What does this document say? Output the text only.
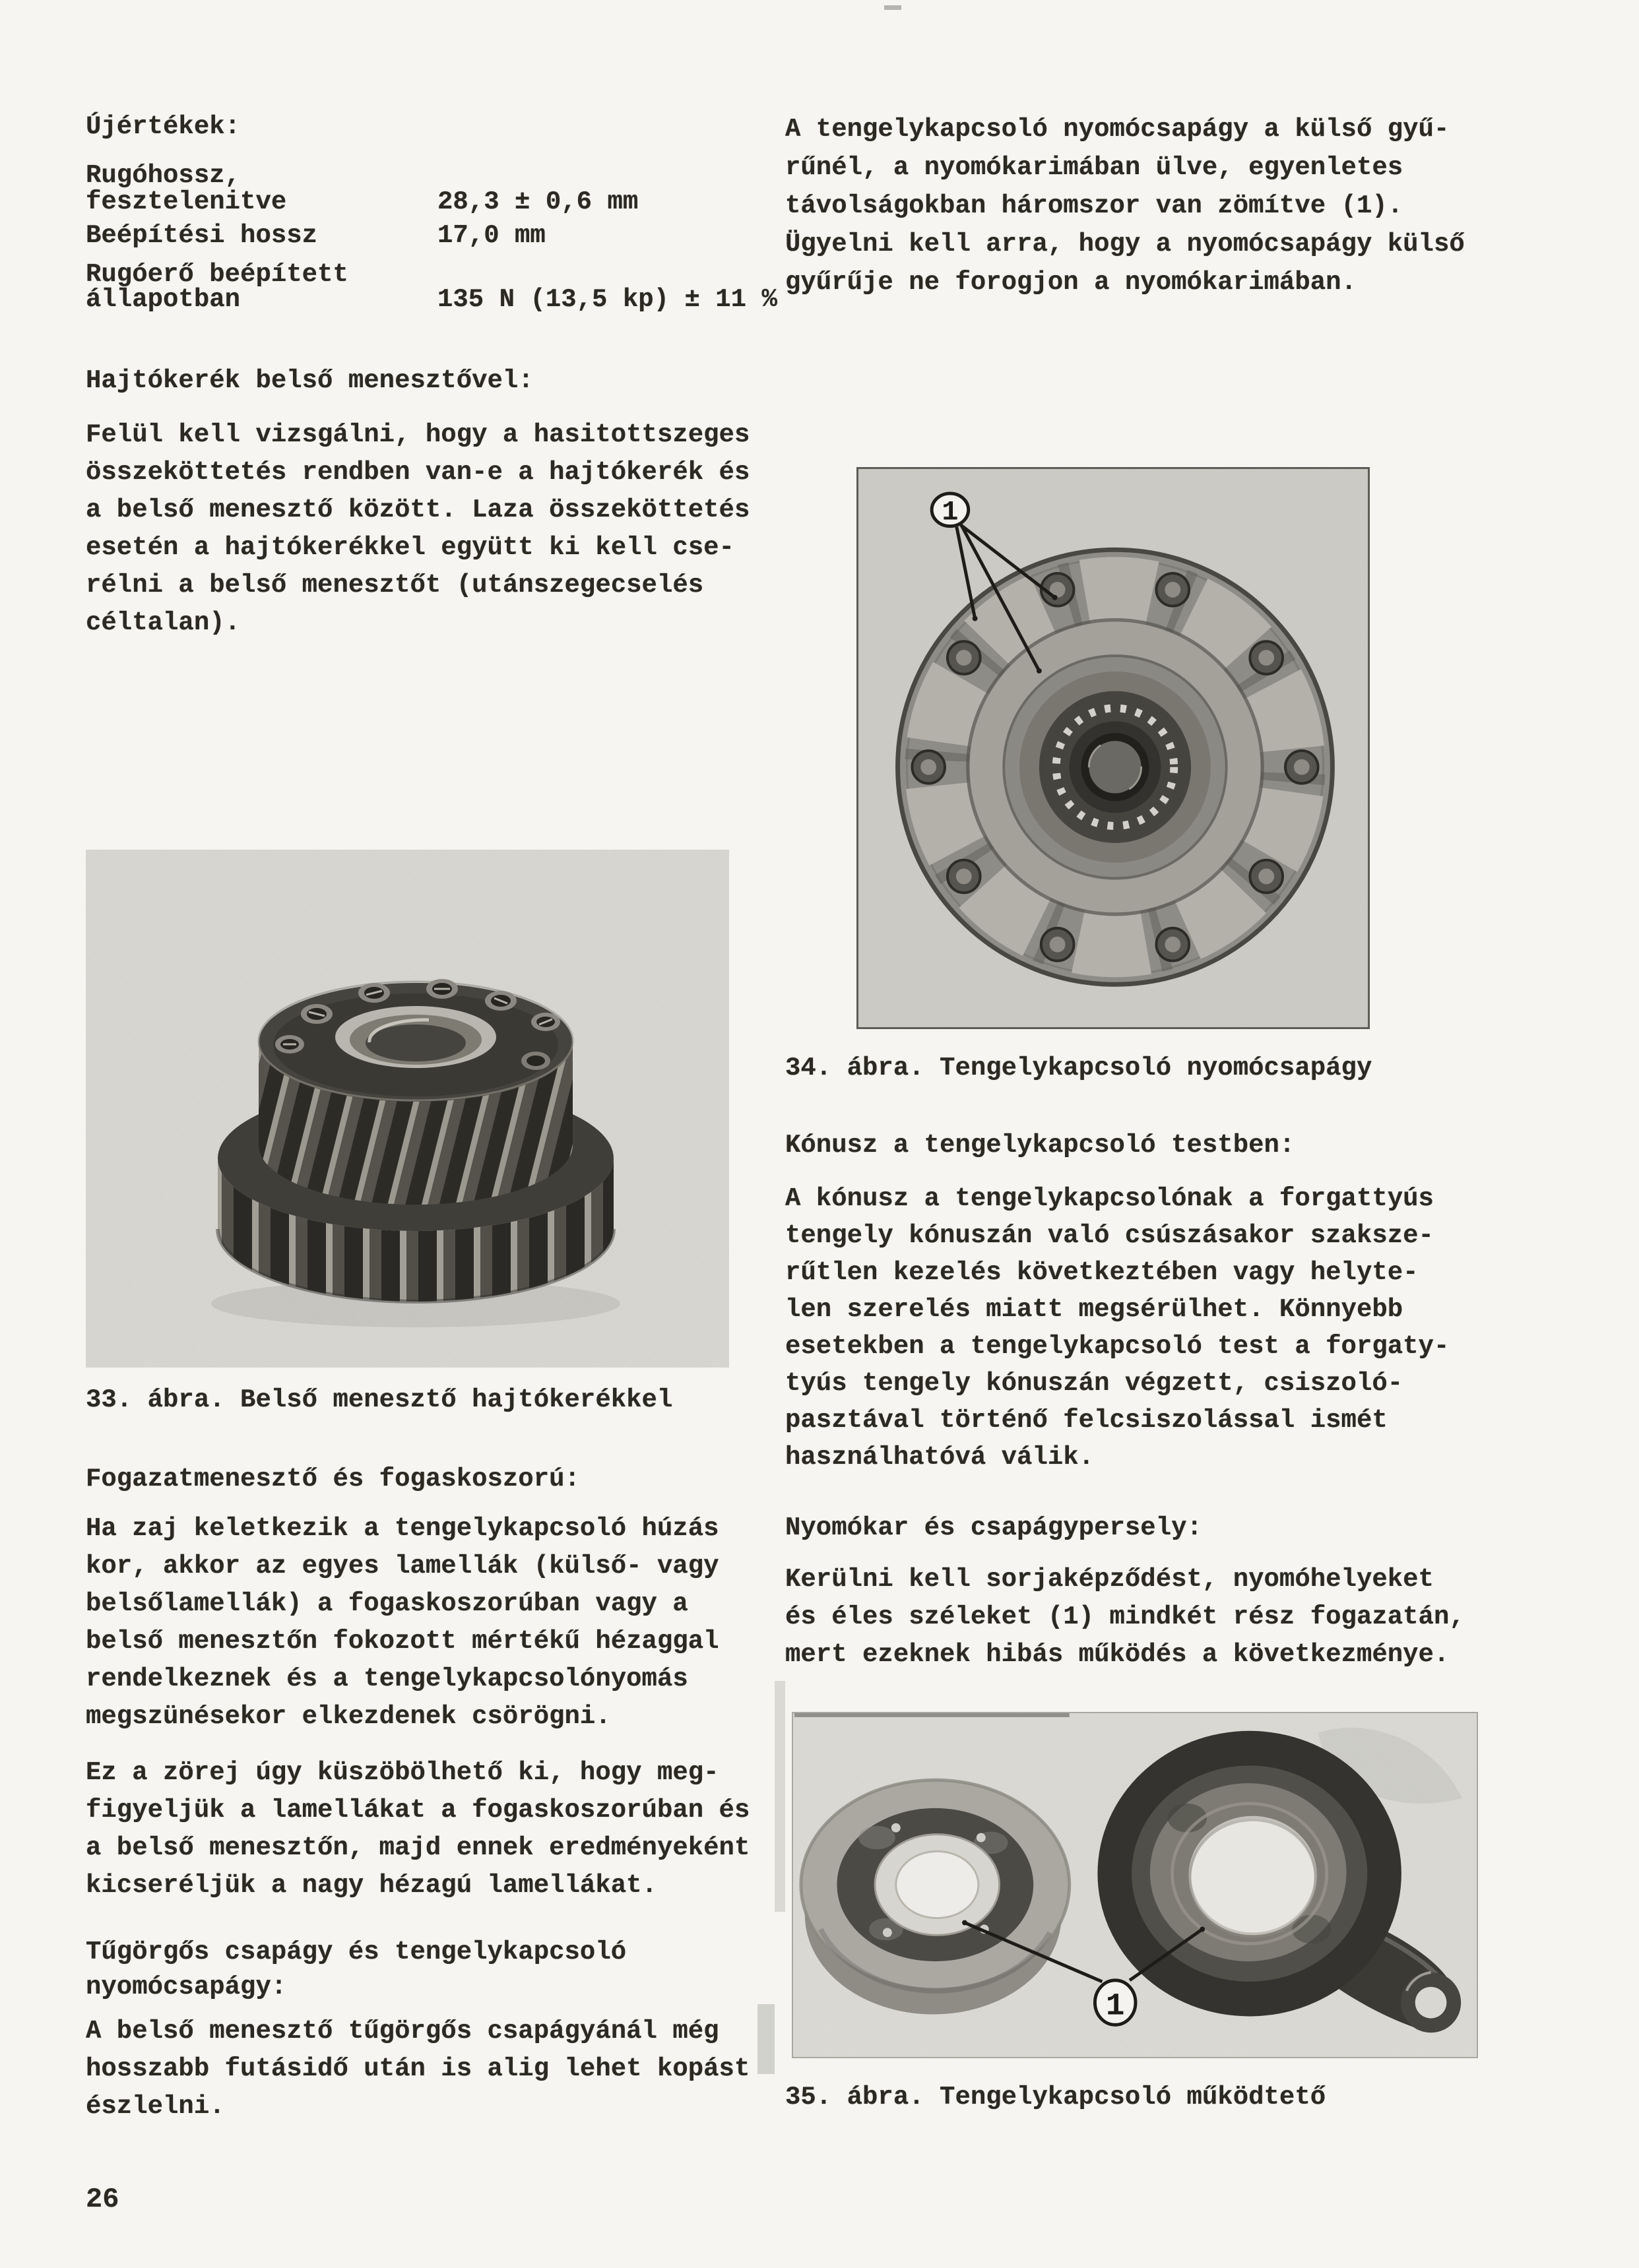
Újértékek:
Rugóhossz,
fesztelenitve	28,3 ± 0,6 mm
Beépítési hossz	17,0 mm
Rugóerő beépített
állapotban	135 N (13,5 kp) ± 11 %
Hajtókerék belső menesztővel:
Felül kell vizsgálni, hogy a hasitottszeges
összeköttetés rendben van-e a hajtókerék és
a belső menesztő között. Laza összeköttetés
esetén a hajtókerékkel együtt ki kell cse-
rélni a belső menesztőt (utánszegecselés
céltalan).
33. ábra. Belső menesztő hajtókerékkel
Fogazatmenesztő és fogaskoszorú:
Ha zaj keletkezik a tengelykapcsoló húzás
kor, akkor az egyes lamellák (külső- vagy
belsőlamellák) a fogaskoszorúban vagy a
belső menesztőn fokozott mértékű hézaggal
rendelkeznek és a tengelykapcsolónyomás
megszünésekor elkezdenek csörögni.
Ez a zörej úgy küszöbölhető ki, hogy meg-
figyeljük a lamellákat a fogaskoszorúban és
a belső menesztőn, majd ennek eredményeként
kicseréljük a nagy hézagú lamellákat.
Tűgörgős csapágy és tengelykapcsoló
nyomócsapágy:
A belső menesztő tűgörgős csapágyánál még
hosszabb futásidő után is alig lehet kopást
észlelni.
26
A tengelykapcsoló nyomócsapágy a külső gyű-
rűnél, a nyomókarimában ülve, egyenletes
távolságokban háromszor van zömítve (1).
Ügyelni kell arra, hogy a nyomócsapágy külső
gyűrűje ne forogjon a nyomókarimában.
1
34. ábra. Tengelykapcsoló nyomócsapágy
Kónusz a tengelykapcsoló testben:
A kónusz a tengelykapcsolónak a forgattyús
tengely kónuszán való csúszásakor szaksze-
rűtlen kezelés következtében vagy helyte-
len szerelés miatt megsérülhet. Könnyebb
esetekben a tengelykapcsoló test a forgaty-
tyús tengely kónuszán végzett, csiszoló-
pasztával történő felcsiszolással ismét
használhatóvá válik.
Nyomókar és csapágypersely:
Kerülni kell sorjaképződést, nyomóhelyeket
és éles széleket (1) mindkét rész fogazatán,
mert ezeknek hibás működés a következménye.
1
35. ábra. Tengelykapcsoló működtető
